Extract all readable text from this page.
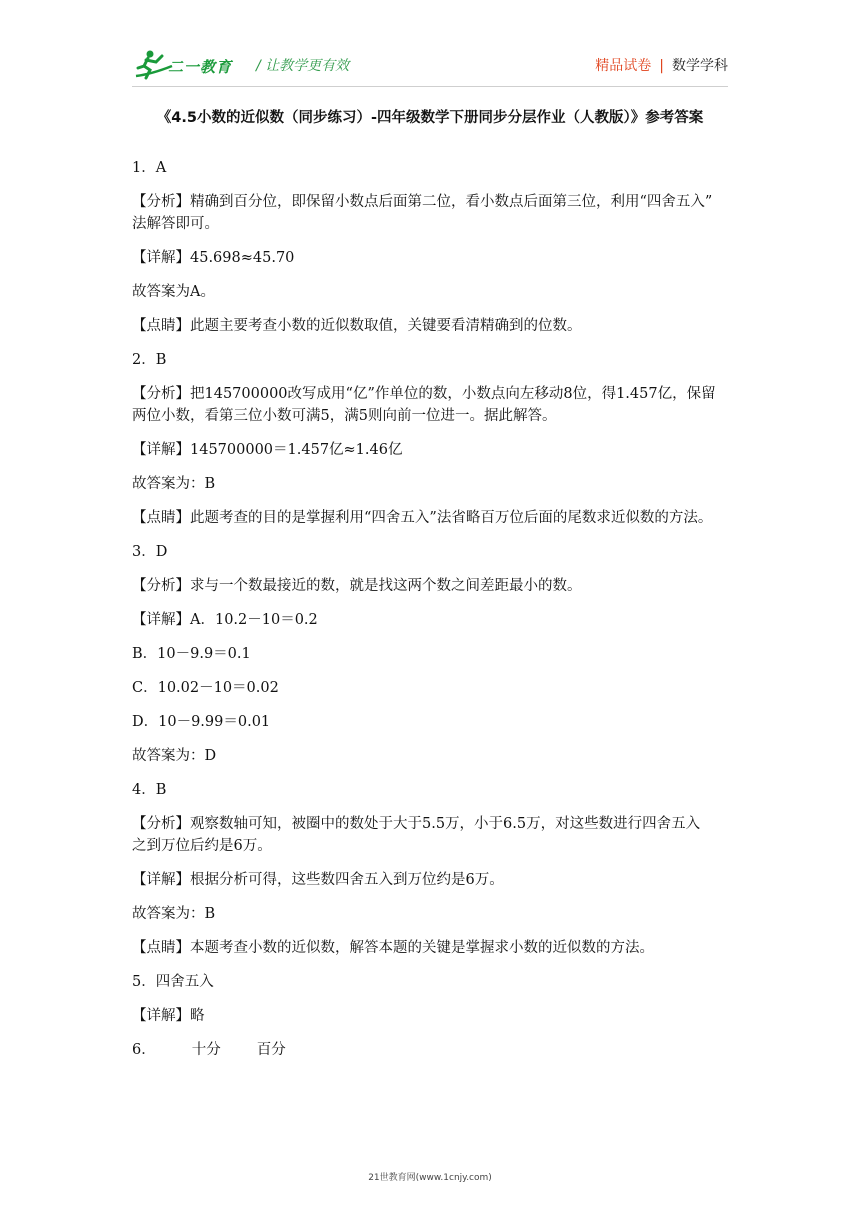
二一教育 / 让教学更有效	精品试卷 | 数学学科
《4.5小数的近似数（同步练习）-四年级数学下册同步分层作业（人教版）》参考答案
1．A
【分析】精确到百分位，即保留小数点后面第二位，看小数点后面第三位，利用“四舍五入”
法解答即可。
【详解】45.698≈45.70
故答案为A。
【点睛】此题主要考查小数的近似数取值，关键要看清精确到的位数。
2．B
【分析】把145700000改写成用“亿”作单位的数，小数点向左移动8位，得1.457亿，保留
两位小数，看第三位小数可满5，满5则向前一位进一。据此解答。
【详解】145700000＝1.457亿≈1.46亿
故答案为：B
【点睛】此题考查的目的是掌握利用“四舍五入”法省略百万位后面的尾数求近似数的方法。
3．D
【分析】求与一个数最接近的数，就是找这两个数之间差距最小的数。
【详解】A．10.2－10＝0.2
B．10－9.9＝0.1
C．10.02－10＝0.02
D．10－9.99＝0.01
故答案为：D
4．B
【分析】观察数轴可知，被圈中的数处于大于5.5万，小于6.5万，对这些数进行四舍五入
之到万位后约是6万。
【详解】根据分析可得，这些数四舍五入到万位约是6万。
故答案为：B
【点睛】本题考查小数的近似数，解答本题的关键是掌握求小数的近似数的方法。
5．四舍五入
【详解】略
6． 十分 百分
21世教育网(www.1cnjy.com)
